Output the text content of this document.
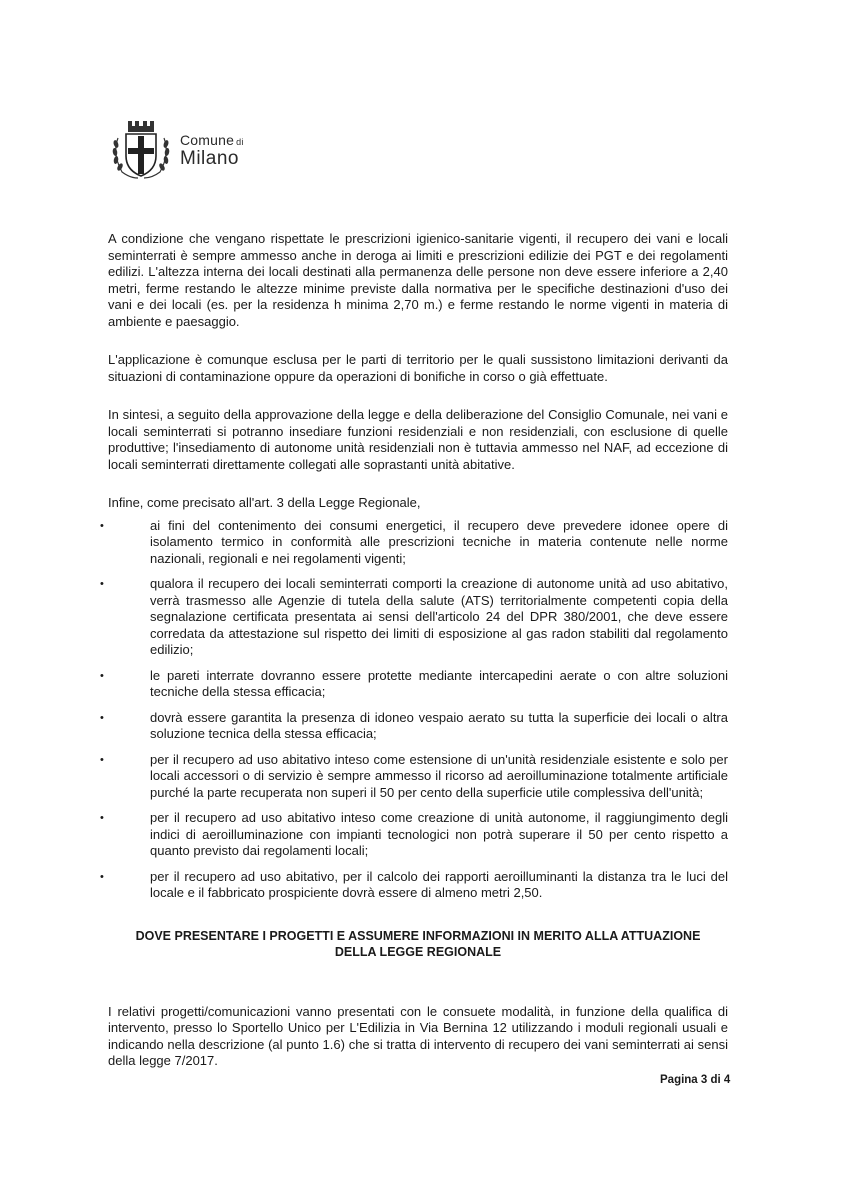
Comune di
Milano

A condizione che vengano rispettate le prescrizioni igienico-sanitarie vigenti, il recupero dei vani e locali seminterrati è sempre ammesso anche in deroga ai limiti e prescrizioni edilizie dei PGT e dei regolamenti edilizi. L'altezza interna dei locali destinati alla permanenza delle persone non deve essere inferiore a 2,40 metri, ferme restando le altezze minime previste dalla normativa per le specifiche destinazioni d'uso dei vani e dei locali (es. per la residenza h minima 2,70 m.) e ferme restando le norme vigenti in materia di ambiente e paesaggio.

L'applicazione è comunque esclusa per le parti di territorio per le quali sussistono limitazioni derivanti da situazioni di contaminazione oppure da operazioni di bonifiche in corso o già effettuate.

In sintesi, a seguito della approvazione della legge e della deliberazione del Consiglio Comunale, nei vani e locali seminterrati si potranno insediare funzioni residenziali e non residenziali, con esclusione di quelle produttive; l'insediamento di autonome unità residenziali non è tuttavia ammesso nel NAF, ad eccezione di locali seminterrati direttamente collegati alle soprastanti unità abitative.

Infine, come precisato all'art. 3 della Legge Regionale,

•	ai fini del contenimento dei consumi energetici, il recupero deve prevedere idonee opere di isolamento termico in conformità alle prescrizioni tecniche in materia contenute nelle norme nazionali, regionali e nei regolamenti vigenti;
•	qualora il recupero dei locali seminterrati comporti la creazione di autonome unità ad uso abitativo, verrà trasmesso alle Agenzie di tutela della salute (ATS) territorialmente competenti copia della segnalazione certificata presentata ai sensi dell'articolo 24 del DPR 380/2001, che deve essere corredata da attestazione sul rispetto dei limiti di esposizione al gas radon stabiliti dal regolamento edilizio;
•	le pareti interrate dovranno essere protette mediante intercapedini aerate o con altre soluzioni tecniche della stessa efficacia;
•	dovrà essere garantita la presenza di idoneo vespaio aerato su tutta la superficie dei locali o altra soluzione tecnica della stessa efficacia;
•	per il recupero ad uso abitativo inteso come estensione di un'unità residenziale esistente e solo per locali accessori o di servizio è sempre ammesso il ricorso ad aeroilluminazione totalmente artificiale purché la parte recuperata non superi il 50 per cento della superficie utile complessiva dell'unità;
•	per il recupero ad uso abitativo inteso come creazione di unità autonome, il raggiungimento degli indici di aeroilluminazione con impianti tecnologici non potrà superare il 50 per cento rispetto a quanto previsto dai regolamenti locali;
•	per il recupero ad uso abitativo, per il calcolo dei rapporti aeroilluminanti la distanza tra le luci del locale e il fabbricato prospiciente dovrà essere di almeno metri 2,50.
DOVE PRESENTARE I PROGETTI E ASSUMERE INFORMAZIONI IN MERITO ALLA ATTUAZIONE DELLA LEGGE REGIONALE

I relativi progetti/comunicazioni vanno presentati con le consuete modalità, in funzione della qualifica di intervento, presso lo Sportello Unico per L'Edilizia in Via Bernina 12 utilizzando i moduli regionali usuali e indicando nella descrizione (al punto 1.6) che si tratta di intervento di recupero dei vani seminterrati ai sensi della legge 7/2017.

Pagina 3 di 4
